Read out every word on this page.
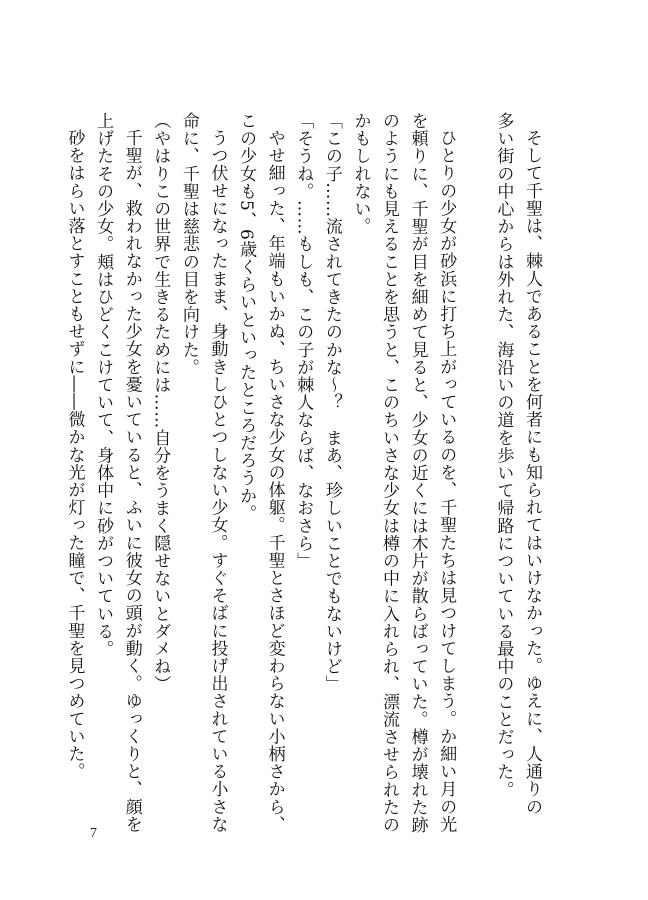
そして千聖は、棘人であることを何者にも知られてはいけなかった。ゆえに、人通りの
多い街の中心からは外れた、海沿いの道を歩いて帰路についている最中のことだった。

ひとりの少女が砂浜に打ち上がっているのを、千聖たちは見つけてしまう。か細い月の光
を頼りに、千聖が目を細めて見ると、少女の近くには木片が散らばっていた。樽が壊れた跡
のようにも見えることを思うと、このちいさな少女は樽の中に入れられ、漂流させられたの
かもしれない。
「この子……流されてきたのかな～？　まあ、珍しいことでもないけど」
「そうね。……もしも、この子が棘人ならば、なおさら」
やせ細った、年端もいかぬ、ちいさな少女の体躯。千聖とさほど変わらない小柄さから、
この少女も5、6歳くらいといったところだろうか。
うつ伏せになったまま、身動きしひとつしない少女。すぐそばに投げ出されている小さな
命に、千聖は慈悲の目を向けた。
（やはりこの世界で生きるためには……自分をうまく隠せないとダメね）
千聖が、救われなかった少女を憂いていると、ふいに彼女の頭が動く。ゆっくりと、顔を
上げたその少女。頬はひどくこけていて、身体中に砂がついている。
砂をはらい落とすこともせずに――微かな光が灯った瞳で、千聖を見つめていた。
7
